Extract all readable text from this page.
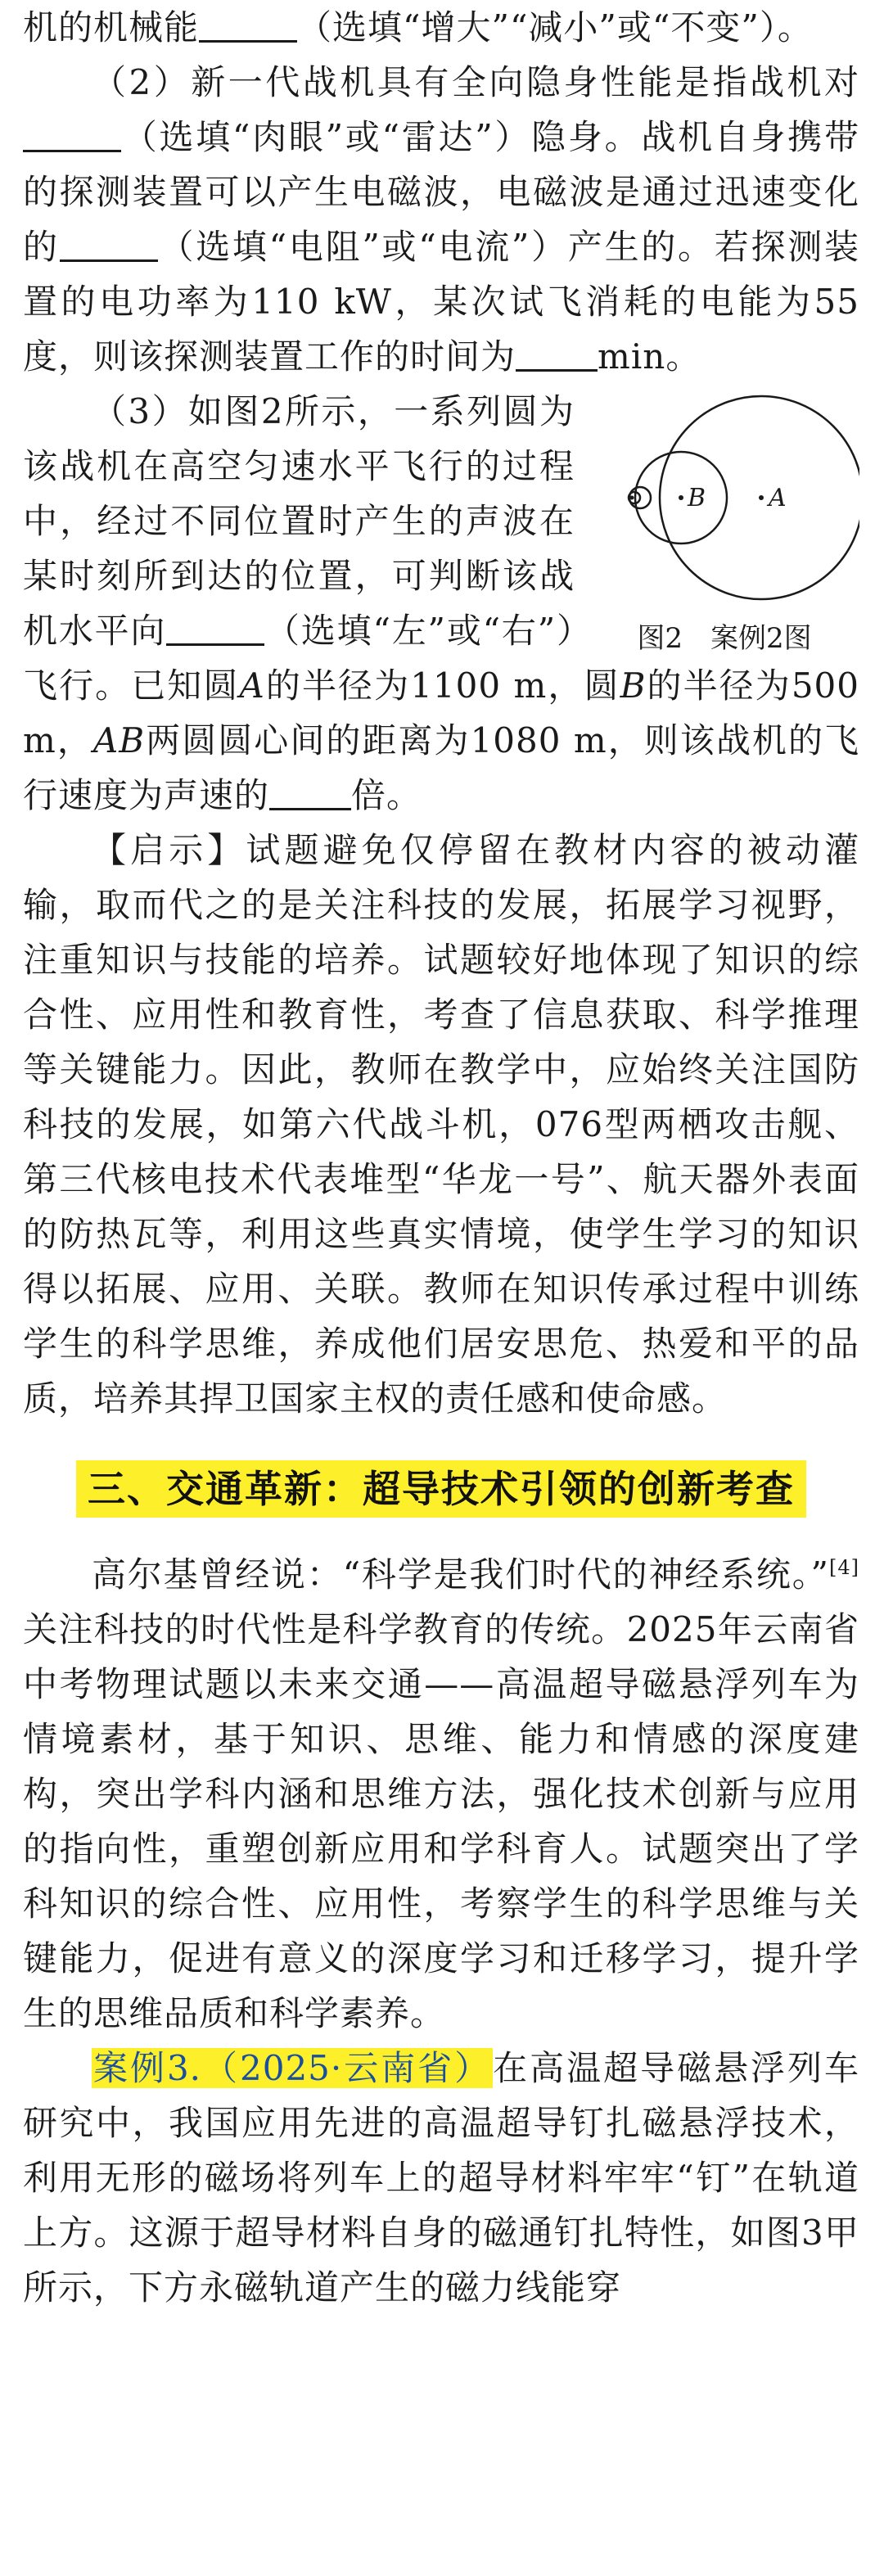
机的机械能	（选填“增大”“减小”或“不变”）。

（2）新一代战机具有全向隐身性能是指战机对（选填“肉眼”或“雷达”）隐身。战机自身携带的探测装置可以产生电磁波，电磁波是通过迅速变化的	（选填“电阻”或“电流”）产生的。若探测装置的电功率为110 kW，某次试飞消耗的电能为55度，则该探测装置工作的时间为 min。

B	A
图2　案例2图

（3）如图2所示，一系列圆为该战机在高空匀速水平飞行的过程中，经过不同位置时产生的声波在某时刻所到达的位置，可判断该战机水平向	（选填“左”或“右”）飞行。已知圆A的半径为1100 m，圆B的半径为500 m，AB两圆圆心间的距离为1080 m，则该战机的飞行速度为声速的 倍。

【启示】试题避免仅停留在教材内容的被动灌输，取而代之的是关注科技的发展，拓展学习视野，注重知识与技能的培养。试题较好地体现了知识的综合性、应用性和教育性，考查了信息获取、科学推理等关键能力。因此，教师在教学中，应始终关注国防科技的发展，如第六代战斗机，076型两栖攻击舰、第三代核电技术代表堆型“华龙一号”、航天器外表面的防热瓦等，利用这些真实情境，使学生学习的知识得以拓展、应用、关联。教师在知识传承过程中训练学生的科学思维，养成他们居安思危、热爱和平的品质，培养其捍卫国家主权的责任感和使命感。

三、交通革新：超导技术引领的创新考查

高尔基曾经说：“科学是我们时代的神经系统。”[4]关注科技的时代性是科学教育的传统。2025年云南省中考物理试题以未来交通——高温超导磁悬浮列车为情境素材，基于知识、思维、能力和情感的深度建构，突出学科内涵和思维方法，强化技术创新与应用的指向性，重塑创新应用和学科育人。试题突出了学科知识的综合性、应用性，考察学生的科学思维与关键能力，促进有意义的深度学习和迁移学习，提升学生的思维品质和科学素养。

案例3.（2025·云南省）在高温超导磁悬浮列车研究中，我国应用先进的高温超导钉扎磁悬浮技术，利用无形的磁场将列车上的超导材料牢牢“钉”在轨道上方。这源于超导材料自身的磁通钉扎特性，如图3甲所示，下方永磁轨道产生的磁力线能穿
